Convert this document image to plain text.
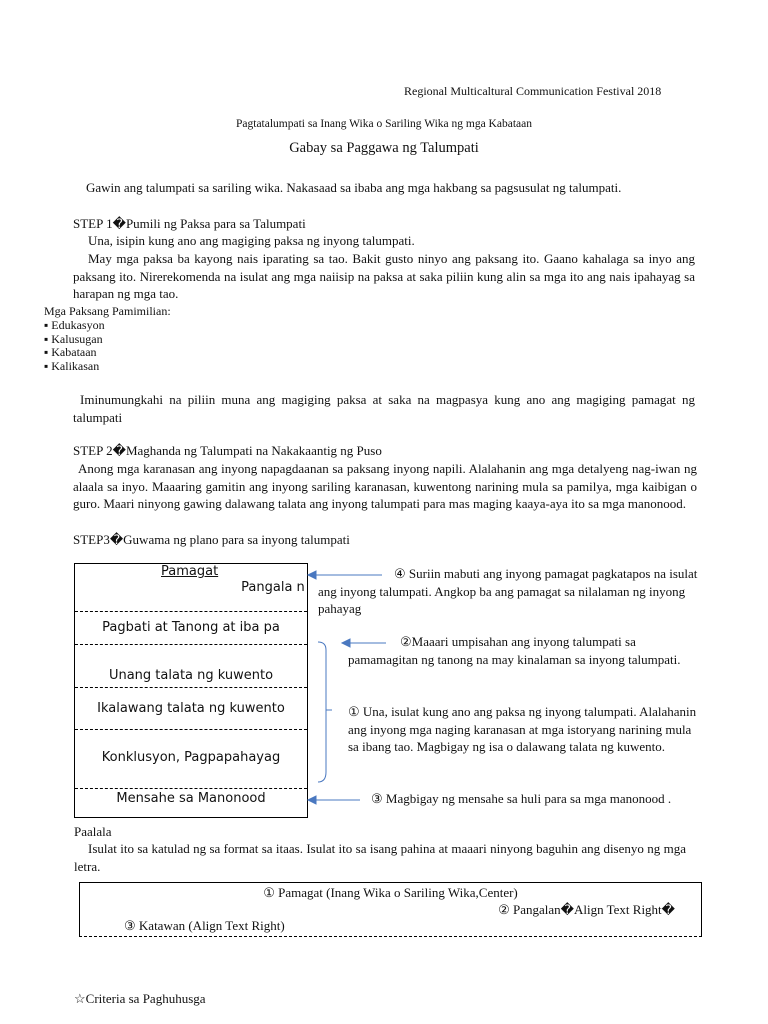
Regional Multicaltural Communication Festival 2018
Pagtatalumpati sa Inang Wika o Sariling Wika ng mga Kabataan
Gabay sa Paggawa ng Talumpati
Gawin ang talumpati sa sariling wika. Nakasaad sa ibaba ang mga hakbang sa pagsusulat ng talumpati.
STEP 1�Pumili ng Paksa para sa Talumpati
Una, isipin kung ano ang magiging paksa ng inyong talumpati.
May mga paksa ba kayong nais iparating sa tao. Bakit gusto ninyo ang paksang ito. Gaano kahalaga sa inyo ang paksang ito. Nirerekomenda na isulat ang mga naiisip na paksa at saka piliin kung alin sa mga ito ang nais ipahayag sa harapan ng mga tao.
Mga Paksang Pamimilian:
▪ Edukasyon
▪ Kalusugan
▪ Kabataan
▪ Kalikasan
Iminumungkahi na piliin muna ang magiging paksa at saka na magpasya kung ano ang magiging pamagat ng talumpati
STEP 2�Maghanda ng Talumpati na Nakakaantig ng Puso
Anong mga karanasan ang inyong napagdaanan sa paksang inyong napili. Alalahanin ang mga detalyeng nag-iwan ng alaala sa inyo. Maaaring gamitin ang inyong sariling karanasan, kuwentong narining mula sa pamilya, mga kaibigan o guro. Maari ninyong gawing dalawang talata ang inyong talumpati para mas maging kaaya-aya ito sa mga manonood.
STEP3�Guwama ng plano para sa inyong talumpati
Pamagat
Pangala n
Pagbati at Tanong at iba pa
Unang talata ng kuwento
Ikalawang talata ng kuwento
Konklusyon, Pagpapahayag
Mensahe sa Manonood
④ Suriin mabuti ang inyong pamagat pagkatapos na isulat ang inyong talumpati. Angkop ba ang pamagat sa nilalaman ng inyong pahayag
②Maaari umpisahan ang inyong talumpati sa pamamagitan ng tanong na may kinalaman sa inyong talumpati.
① Una, isulat kung ano ang paksa ng inyong talumpati. Alalahanin ang inyong mga naging karanasan at mga istoryang narining mula sa ibang tao. Magbigay ng isa o dalawang talata ng kuwento.
③ Magbigay ng mensahe sa huli para sa mga manonood .
Paalala
Isulat ito sa katulad ng sa format sa itaas. Isulat ito sa isang pahina at maaari ninyong baguhin ang disenyo ng mga letra.
① Pamagat (Inang Wika o Sariling Wika,Center)
② Pangalan�Align Text Right�
③ Katawan (Align Text Right)
☆Criteria sa Paghuhusga
